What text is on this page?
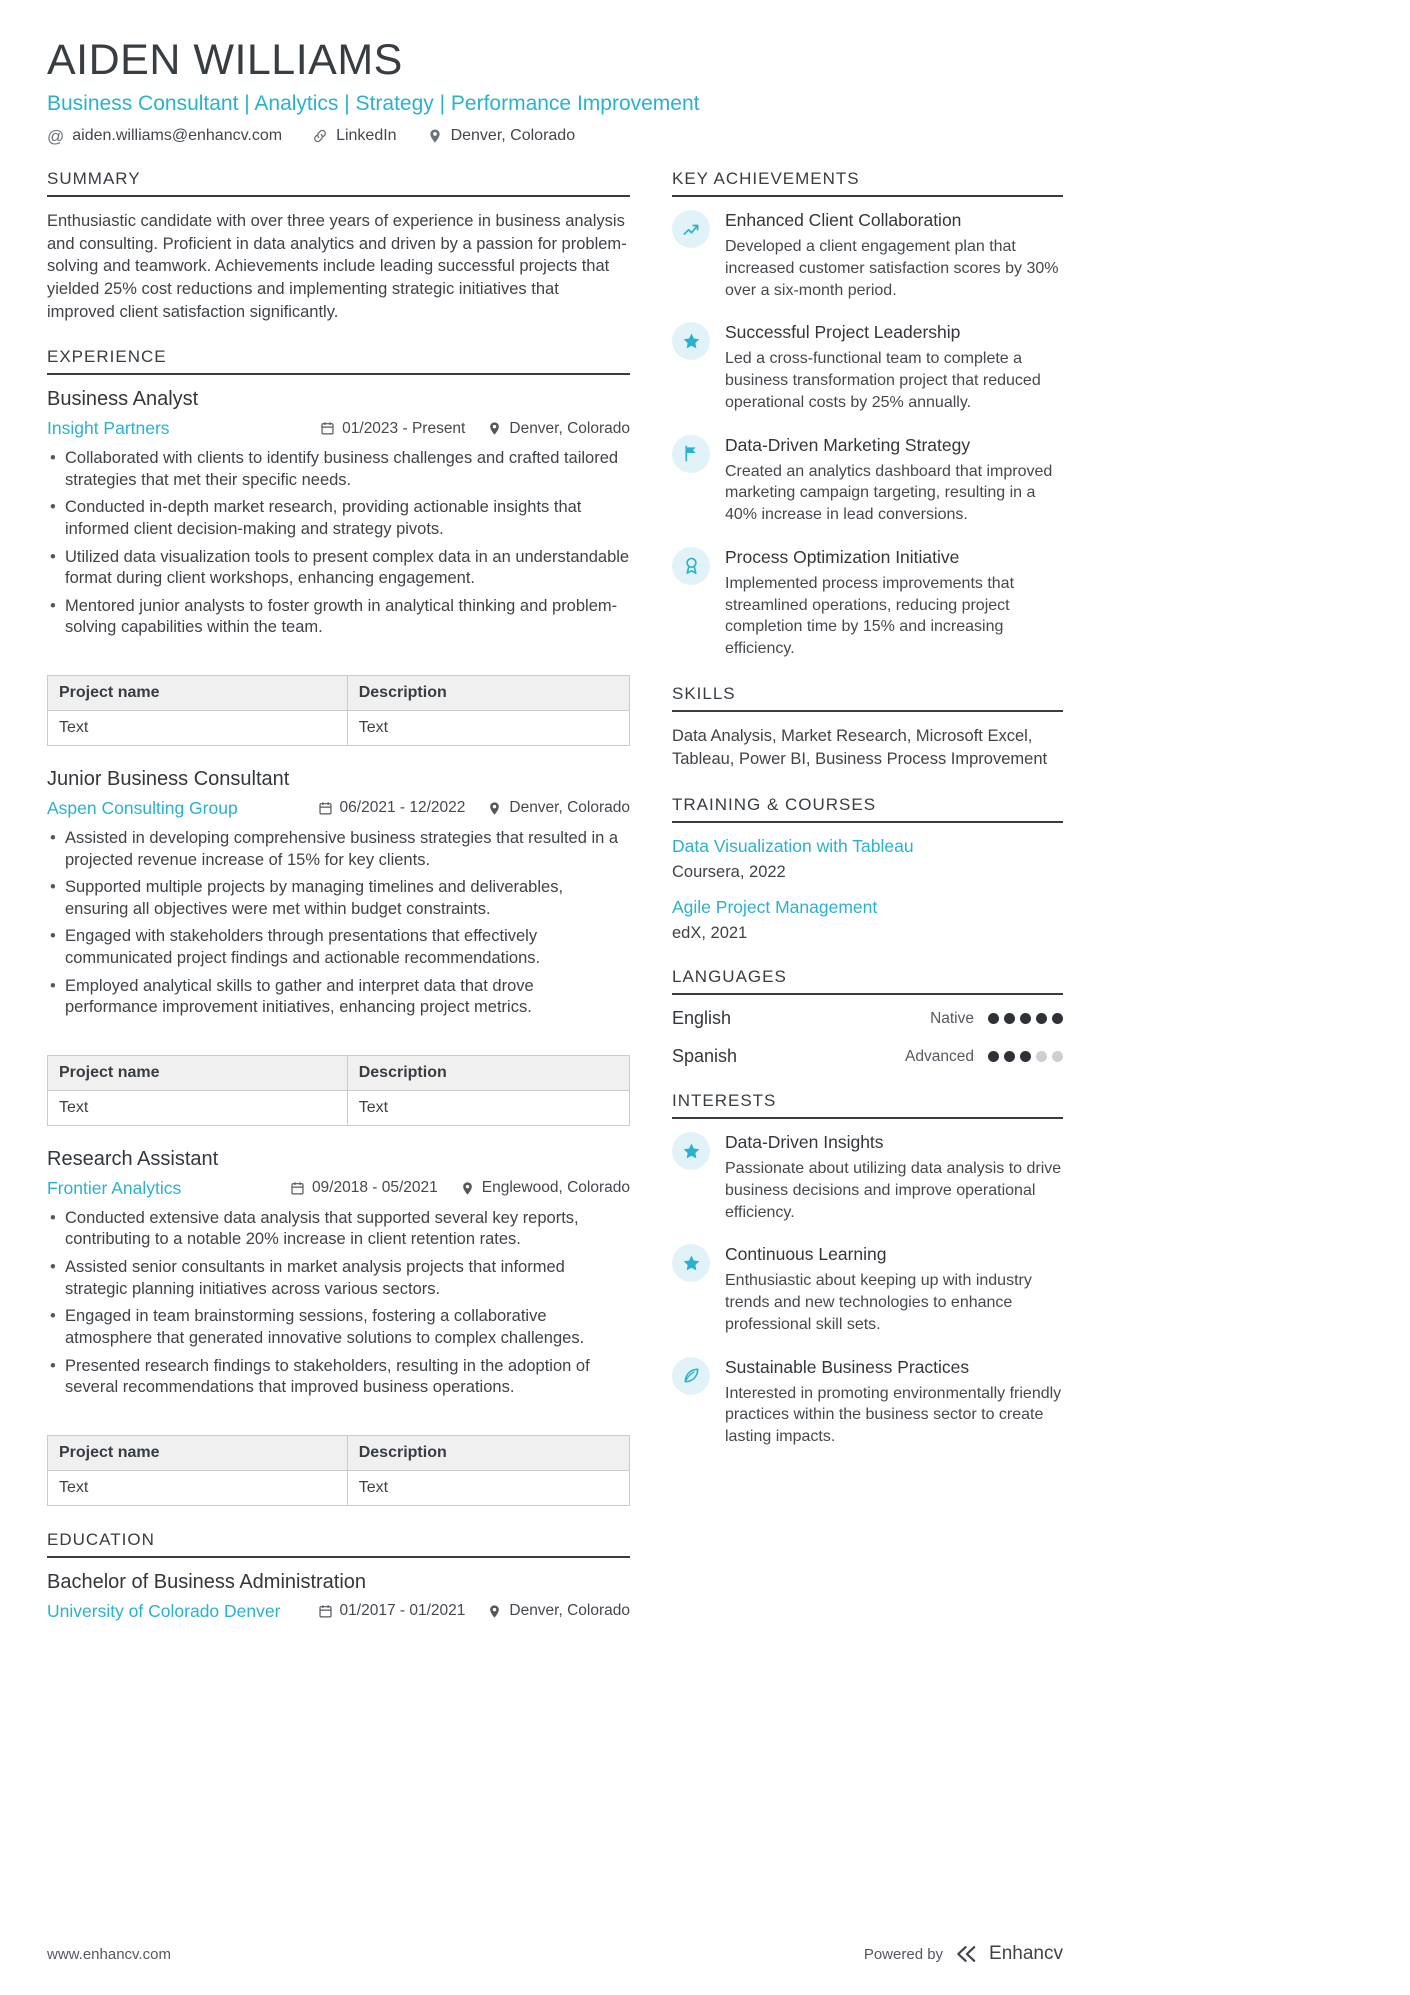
AIDEN WILLIAMS
Business Consultant | Analytics | Strategy | Performance Improvement
@ aiden.williams@enhancv.com	LinkedIn	Denver, Colorado
SUMMARY

Enthusiastic candidate with over three years of experience in business analysis and consulting. Proficient in data analytics and driven by a passion for problem-solving and teamwork. Achievements include leading successful projects that yielded 25% cost reductions and implementing strategic initiatives that improved client satisfaction significantly.

EXPERIENCE
Business Analyst
Insight Partners	01/2023 - Present	Denver, Colorado
• Collaborated with clients to identify business challenges and crafted tailored strategies that met their specific needs.
• Conducted in-depth market research, providing actionable insights that informed client decision-making and strategy pivots.
• Utilized data visualization tools to present complex data in an understandable format during client workshops, enhancing engagement.
• Mentored junior analysts to foster growth in analytical thinking and problem-solving capabilities within the team.
Project name	Description
Text	Text
Junior Business Consultant
Aspen Consulting Group	06/2021 - 12/2022	Denver, Colorado
• Assisted in developing comprehensive business strategies that resulted in a projected revenue increase of 15% for key clients.
• Supported multiple projects by managing timelines and deliverables, ensuring all objectives were met within budget constraints.
• Engaged with stakeholders through presentations that effectively communicated project findings and actionable recommendations.
• Employed analytical skills to gather and interpret data that drove performance improvement initiatives, enhancing project metrics.
Project name	Description
Text	Text
Research Assistant
Frontier Analytics	09/2018 - 05/2021	Englewood, Colorado
• Conducted extensive data analysis that supported several key reports, contributing to a notable 20% increase in client retention rates.
• Assisted senior consultants in market analysis projects that informed strategic planning initiatives across various sectors.
• Engaged in team brainstorming sessions, fostering a collaborative atmosphere that generated innovative solutions to complex challenges.
• Presented research findings to stakeholders, resulting in the adoption of several recommendations that improved business operations.
Project name	Description
Text	Text
EDUCATION
Bachelor of Business Administration
University of Colorado Denver	01/2017 - 01/2021	Denver, Colorado
KEY ACHIEVEMENTS
Enhanced Client Collaboration
Developed a client engagement plan that increased customer satisfaction scores by 30% over a six-month period.
Successful Project Leadership
Led a cross-functional team to complete a business transformation project that reduced operational costs by 25% annually.
Data-Driven Marketing Strategy
Created an analytics dashboard that improved marketing campaign targeting, resulting in a 40% increase in lead conversions.
Process Optimization Initiative
Implemented process improvements that streamlined operations, reducing project completion time by 15% and increasing efficiency.
SKILLS

Data Analysis, Market Research, Microsoft Excel, Tableau, Power BI, Business Process Improvement

TRAINING & COURSES
Data Visualization with Tableau
Coursera, 2022
Agile Project Management
edX, 2021
LANGUAGES
English	Native
Spanish	Advanced
INTERESTS
Data-Driven Insights
Passionate about utilizing data analysis to drive business decisions and improve operational efficiency.
Continuous Learning
Enthusiastic about keeping up with industry trends and new technologies to enhance professional skill sets.
Sustainable Business Practices
Interested in promoting environmentally friendly practices within the business sector to create lasting impacts.
www.enhancv.com	Powered by Enhancv
